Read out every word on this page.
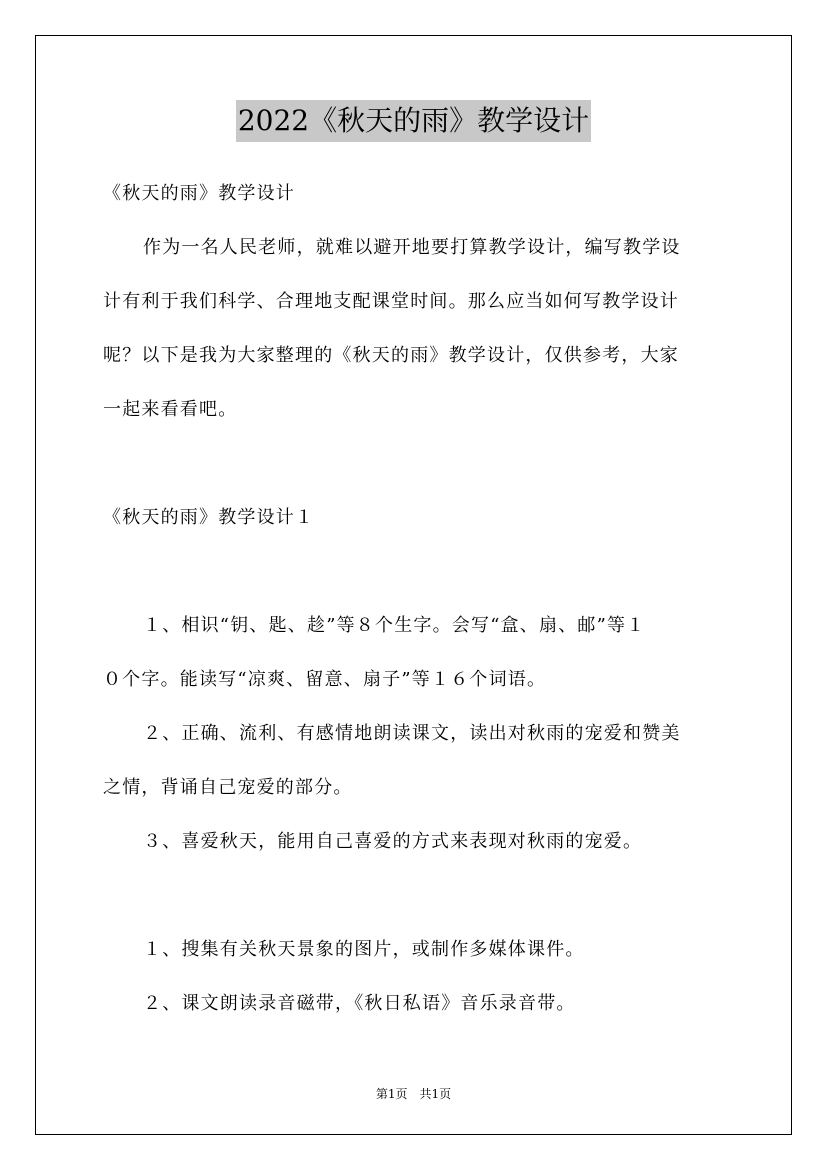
2022《秋天的雨》教学设计
《秋天的雨》教学设计
作为一名人民老师，就难以避开地要打算教学设计，编写教学设
计有利于我们科学、合理地支配课堂时间。那么应当如何写教学设计
呢？以下是我为大家整理的《秋天的雨》教学设计，仅供参考，大家
一起来看看吧。
《秋天的雨》教学设计１
１、相识“钥、匙、趁”等８个生字。会写“盒、扇、邮”等１
０个字。能读写“凉爽、留意、扇子”等１６个词语。
２、正确、流利、有感情地朗读课文，读出对秋雨的宠爱和赞美
之情，背诵自己宠爱的部分。
３、喜爱秋天，能用自己喜爱的方式来表现对秋雨的宠爱。
１、搜集有关秋天景象的图片，或制作多媒体课件。
２、课文朗读录音磁带，《秋日私语》音乐录音带。
第1页　共1页
